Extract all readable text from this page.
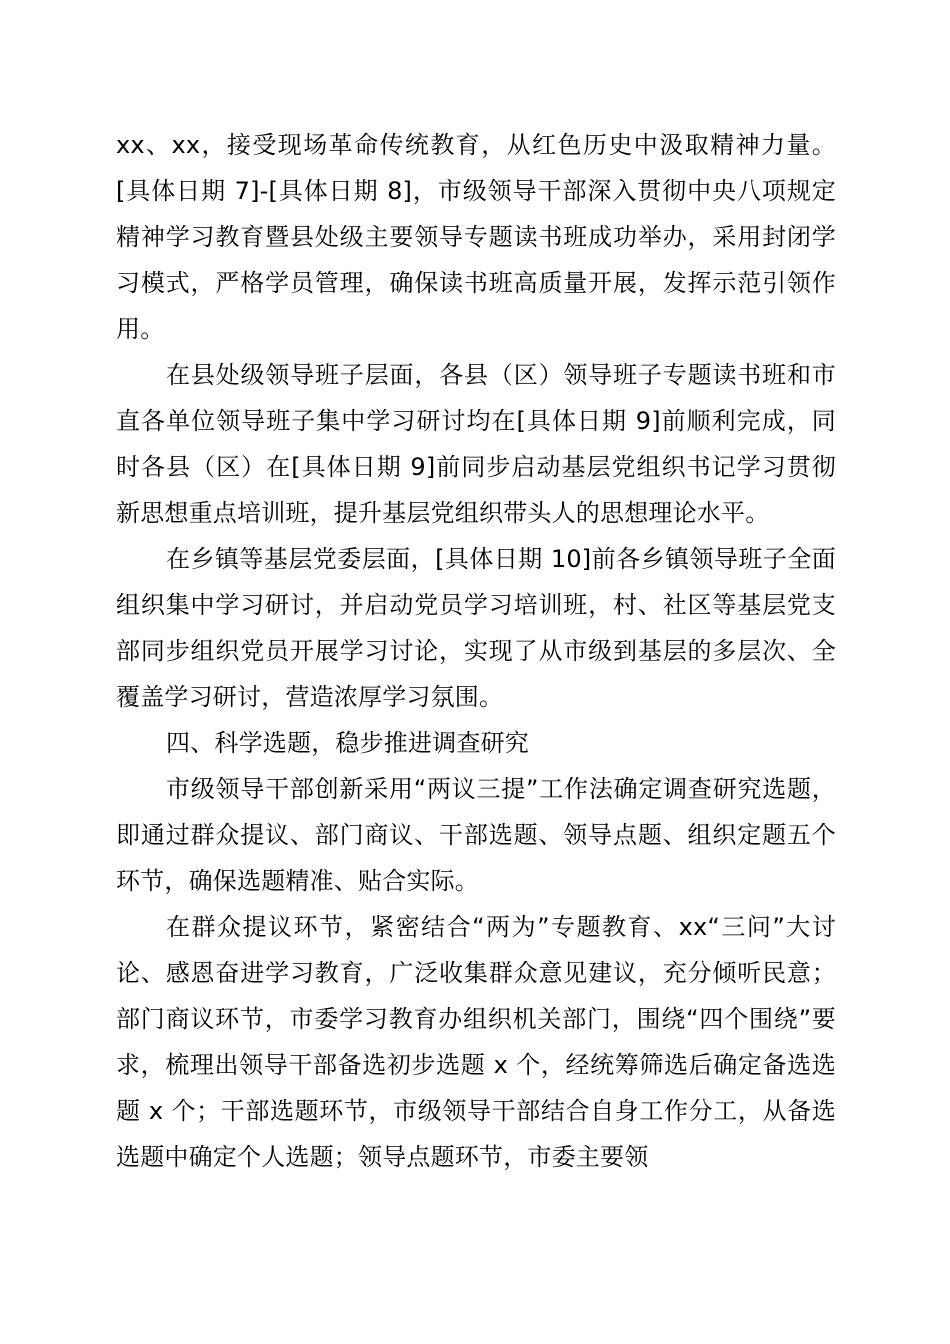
xx、xx，接受现场革命传统教育，从红色历史中汲取精神力量。[具体日期 7]-[具体日期 8]，市级领导干部深入贯彻中央八项规定精神学习教育暨县处级主要领导专题读书班成功举办，采用封闭学习模式，严格学员管理，确保读书班高质量开展，发挥示范引领作用。

在县处级领导班子层面，各县（区）领导班子专题读书班和市直各单位领导班子集中学习研讨均在[具体日期 9]前顺利完成，同时各县（区）在[具体日期 9]前同步启动基层党组织书记学习贯彻新思想重点培训班，提升基层党组织带头人的思想理论水平。

在乡镇等基层党委层面，[具体日期 10]前各乡镇领导班子全面组织集中学习研讨，并启动党员学习培训班，村、社区等基层党支部同步组织党员开展学习讨论，实现了从市级到基层的多层次、全覆盖学习研讨，营造浓厚学习氛围。

四、科学选题，稳步推进调查研究

市级领导干部创新采用“两议三提”工作法确定调查研究选题，即通过群众提议、部门商议、干部选题、领导点题、组织定题五个环节，确保选题精准、贴合实际。

在群众提议环节，紧密结合“两为”专题教育、xx“三问”大讨论、感恩奋进学习教育，广泛收集群众意见建议，充分倾听民意；部门商议环节，市委学习教育办组织机关部门，围绕“四个围绕”要求，梳理出领导干部备选初步选题 x 个，经统筹筛选后确定备选选题 x 个；干部选题环节，市级领导干部结合自身工作分工，从备选选题中确定个人选题；领导点题环节，市委主要领
